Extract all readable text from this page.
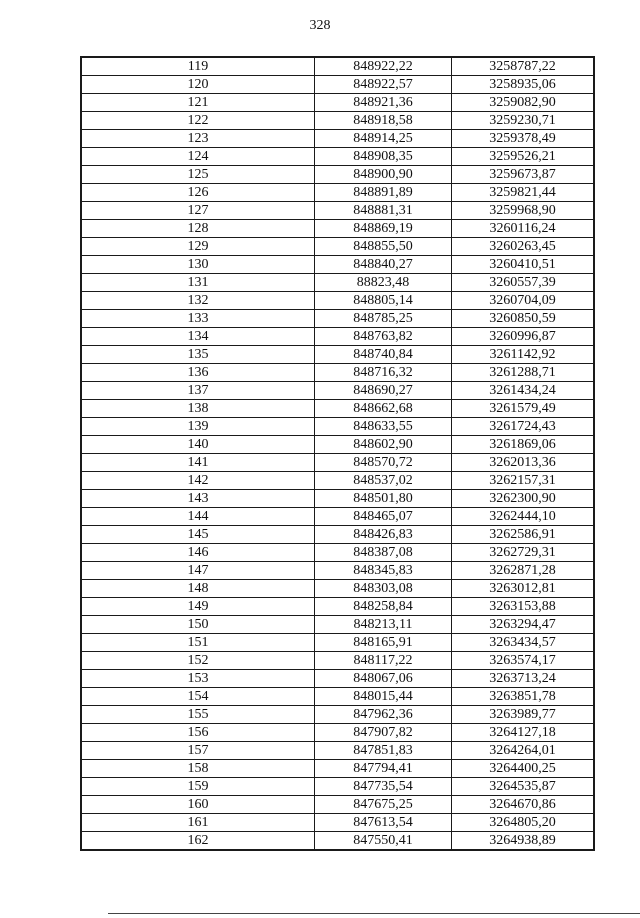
328
119	848922,22	3258787,22
120	848922,57	3258935,06
121	848921,36	3259082,90
122	848918,58	3259230,71
123	848914,25	3259378,49
124	848908,35	3259526,21
125	848900,90	3259673,87
126	848891,89	3259821,44
127	848881,31	3259968,90
128	848869,19	3260116,24
129	848855,50	3260263,45
130	848840,27	3260410,51
131	88823,48	3260557,39
132	848805,14	3260704,09
133	848785,25	3260850,59
134	848763,82	3260996,87
135	848740,84	3261142,92
136	848716,32	3261288,71
137	848690,27	3261434,24
138	848662,68	3261579,49
139	848633,55	3261724,43
140	848602,90	3261869,06
141	848570,72	3262013,36
142	848537,02	3262157,31
143	848501,80	3262300,90
144	848465,07	3262444,10
145	848426,83	3262586,91
146	848387,08	3262729,31
147	848345,83	3262871,28
148	848303,08	3263012,81
149	848258,84	3263153,88
150	848213,11	3263294,47
151	848165,91	3263434,57
152	848117,22	3263574,17
153	848067,06	3263713,24
154	848015,44	3263851,78
155	847962,36	3263989,77
156	847907,82	3264127,18
157	847851,83	3264264,01
158	847794,41	3264400,25
159	847735,54	3264535,87
160	847675,25	3264670,86
161	847613,54	3264805,20
162	847550,41	3264938,89
